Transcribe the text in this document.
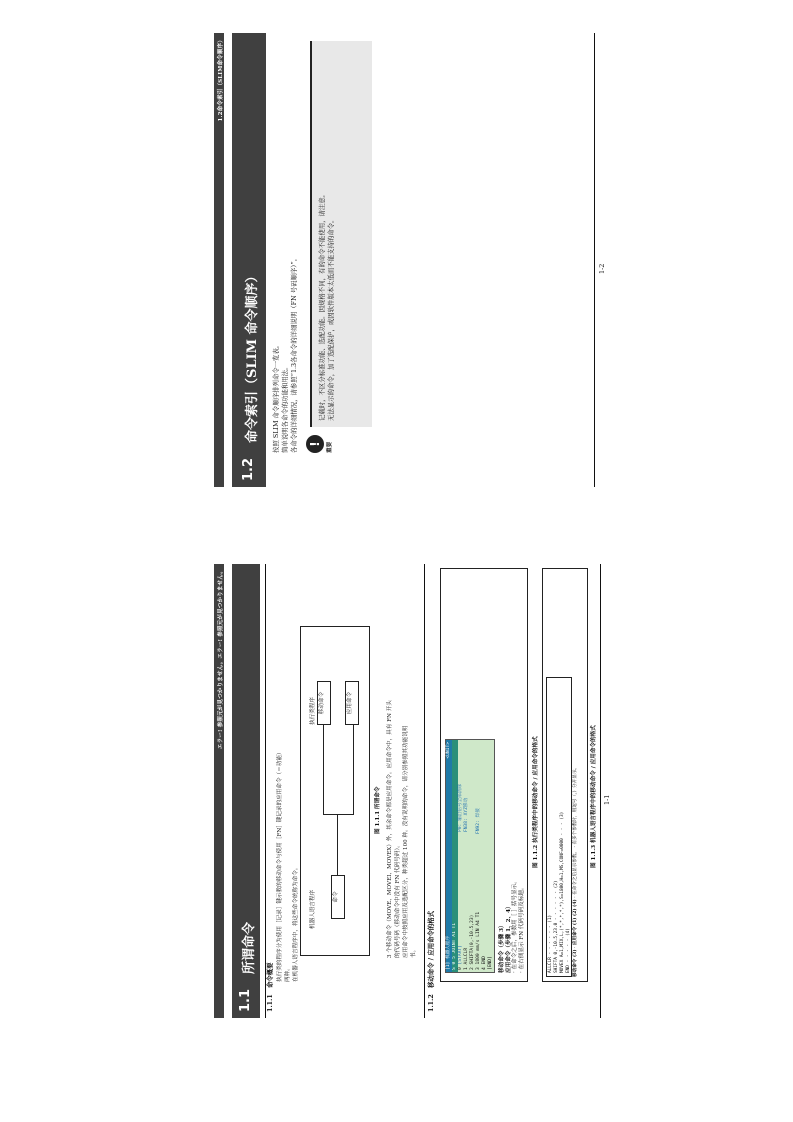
1.2命令索引（SLIM命令顺序）
1.2
命令索引（SLIM 命令顺序） 按照 SLIM 命令顺序排列命令一览表。 简单说明各命令的功能和用法。 各命令的详细情况，请参照“1.3各命令的详细说明（FN 号码顺序）”。 ! 重要
记载时，不区分标准功能、选配功能。因规格不同，有的命令不能使用，请注意。 无法显示的命令，加了选配保护，或因软件版本太低而不能支持的命令。	1-2
エラー! 参照元が見つかりません。エラー! 参照元が見つかりません。
1.1
所谓命令
1.1.1
命令概要 执行类的程序分为使用［记录］键示教的移动命令与使用［FN］键记录的应用命令（＝功能） 两种。 在机器人语言程序中，将这些命令统称为命令。 机器人语言程序
执行类程序
命令
移动命令	应用命令
图 1.1.1 所谓命令 3 个移动命令（MOVE、MOVEI、MOVEX）外，其余命令都是应用命令。应用命令中，具有 FN 开头 的代码号码（移动命令中没有 FN 代码号码）。 应用命令中按照应用及选配区分，种类超过 100 种。没有说明的命令，请分别参照其功能说明 书。
1.1.2
移动命令 / 应用命令的格式 [1] 机器人程序
<UNIT>
S 0 5 JOINT A1 T1 0 [START]
P0: 输出信号全部清除
1 ALLCLR
FN38: XYZ移动
2 SHIFTA(0,-10.5,23)
3 1800 mm/s LIN A4 T1
FN92: 焊接
4 END [END] 移动命令（步骤 3） 应用命令（步骤 1、2、4） · 在命令之后，参数用［ ］括号显示。 · 在右侧显示 FN 代码号码及标题。
图 1.1.2 执行类程序中的移动命令 / 应用命令的格式
ALLCLR - - - - - - (1) SHIFTA 0,-10.5,23.0 - - - - - - (2) MOVEX A=1,MIX,L,(*,*,*,*,*),S=1800,H=1,MS,CONF=0000 - - - (3) END - - - - - (4) 移动命令 (3) · 应用命令 (1) (2) (4) · 在命令之后显示参数。 · 有多个参数时，用逗号（,）分开显示。 图 1.1.3 机器人语言程序中的移动命令 / 应用命令的格式 1-1
